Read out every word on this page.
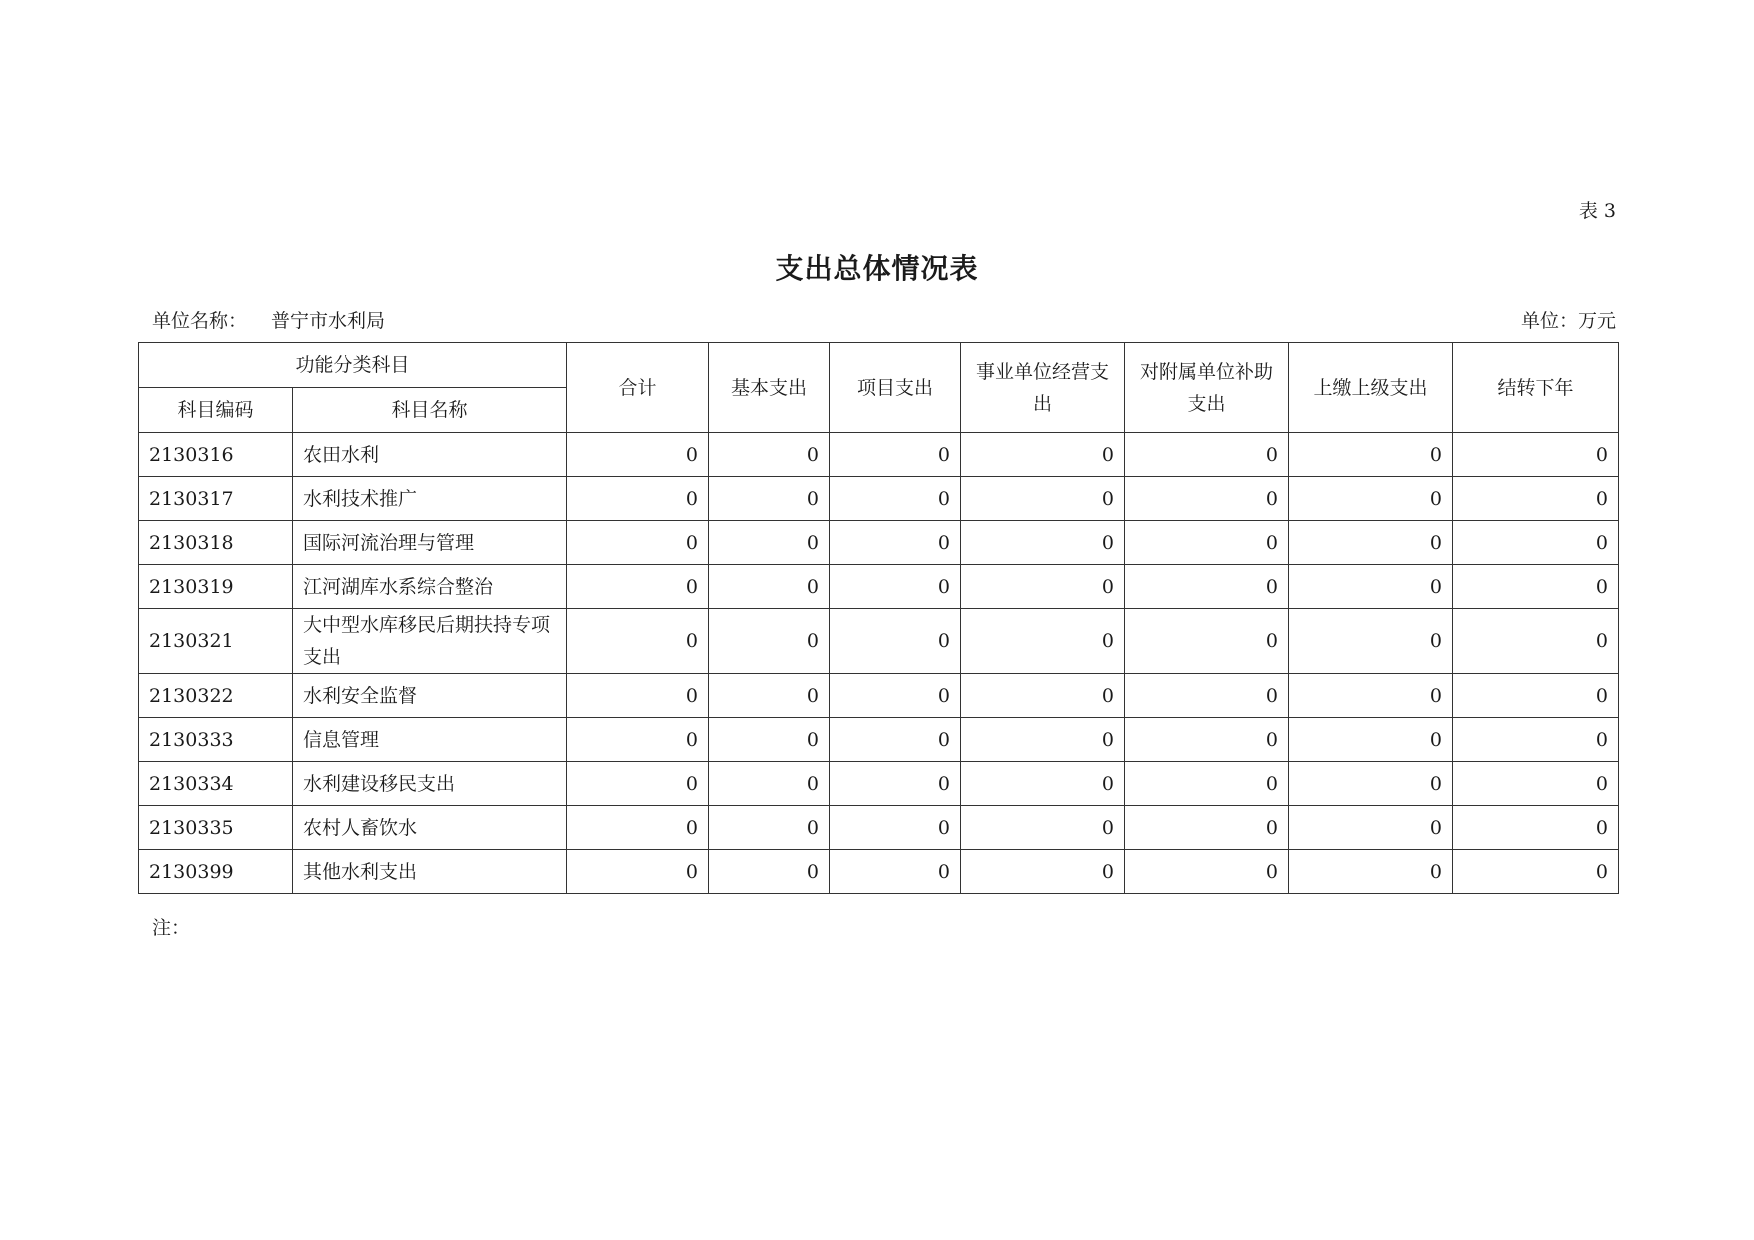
表 3
支出总体情况表
单位名称： 普宁市水利局	单位：万元
功能分类科目		合计	基本支出	项目支出	事业单位经营支出	对附属单位补助支出	上缴上级支出	结转下年
科目编码	科目名称							
2130316	农田水利	0	0	0	0	0	0	0
2130317	水利技术推广	0	0	0	0	0	0	0
2130318	国际河流治理与管理	0	0	0	0	0	0	0
2130319	江河湖库水系综合整治	0	0	0	0	0	0	0
2130321	大中型水库移民后期扶持专项支出	0	0	0	0	0	0	0
2130322	水利安全监督	0	0	0	0	0	0	0
2130333	信息管理	0	0	0	0	0	0	0
2130334	水利建设移民支出	0	0	0	0	0	0	0
2130335	农村人畜饮水	0	0	0	0	0	0	0
2130399	其他水利支出	0	0	0	0	0	0	0
注：
